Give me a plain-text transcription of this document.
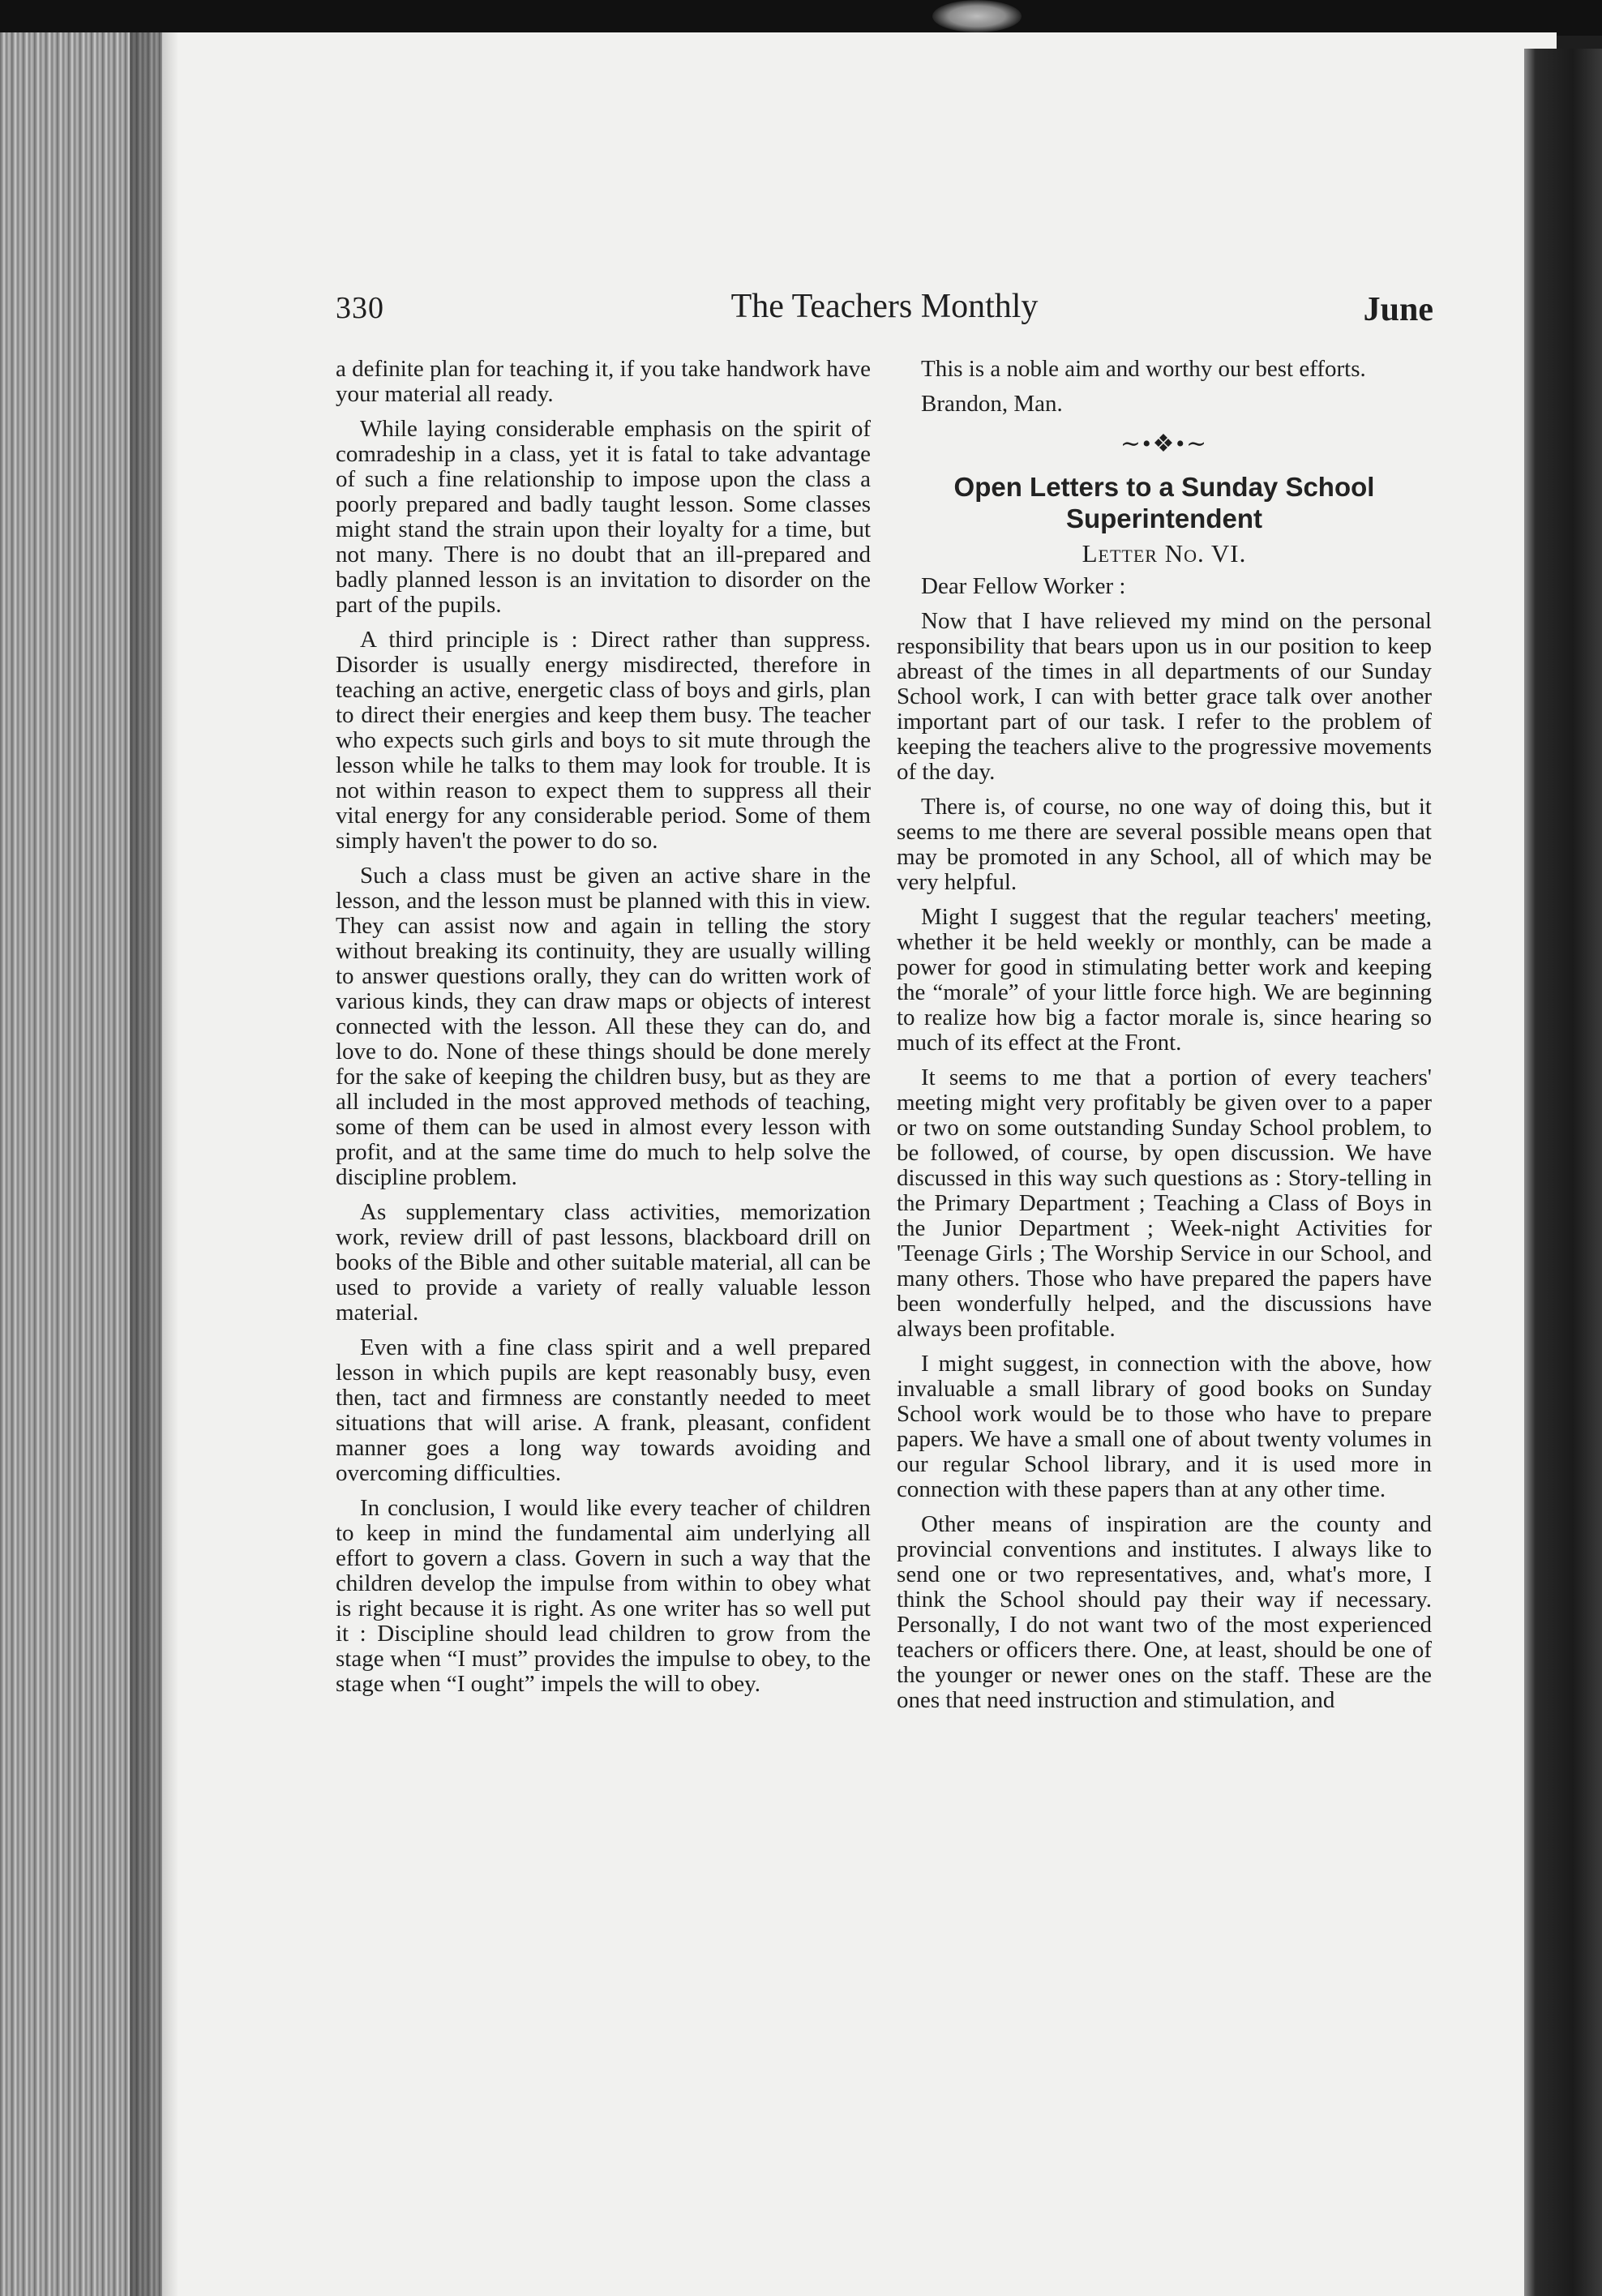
330	The Teachers Monthly	June

a definite plan for teaching it, if you take handwork have your material all ready.

While laying considerable emphasis on the spirit of comradeship in a class, yet it is fatal to take advantage of such a fine relationship to impose upon the class a poorly prepared and badly taught lesson. Some classes might stand the strain upon their loyalty for a time, but not many. There is no doubt that an ill-prepared and badly planned lesson is an invitation to disorder on the part of the pupils.

A third principle is : Direct rather than suppress. Disorder is usually energy misdirected, therefore in teaching an active, energetic class of boys and girls, plan to direct their energies and keep them busy. The teacher who expects such girls and boys to sit mute through the lesson while he talks to them may look for trouble. It is not within reason to expect them to suppress all their vital energy for any considerable period. Some of them simply haven't the power to do so.

Such a class must be given an active share in the lesson, and the lesson must be planned with this in view. They can assist now and again in telling the story without breaking its continuity, they are usually willing to answer questions orally, they can do written work of various kinds, they can draw maps or objects of interest connected with the lesson. All these they can do, and love to do. None of these things should be done merely for the sake of keeping the children busy, but as they are all included in the most approved methods of teaching, some of them can be used in almost every lesson with profit, and at the same time do much to help solve the discipline problem.

As supplementary class activities, memorization work, review drill of past lessons, blackboard drill on books of the Bible and other suitable material, all can be used to provide a variety of really valuable lesson material.

Even with a fine class spirit and a well prepared lesson in which pupils are kept reasonably busy, even then, tact and firmness are constantly needed to meet situations that will arise. A frank, pleasant, confident manner goes a long way towards avoiding and overcoming difficulties.

In conclusion, I would like every teacher of children to keep in mind the fundamental aim underlying all effort to govern a class. Govern in such a way that the children develop the impulse from within to obey what is right because it is right. As one writer has so well put it : Discipline should lead children to grow from the stage when “I must” provides the impulse to obey, to the stage when “I ought” impels the will to obey.

This is a noble aim and worthy our best efforts.

Brandon, Man.

∼•❖•∼
Open Letters to a Sunday School Superintendent
Letter No. VI.

Dear Fellow Worker :

Now that I have relieved my mind on the personal responsibility that bears upon us in our position to keep abreast of the times in all departments of our Sunday School work, I can with better grace talk over another important part of our task. I refer to the problem of keeping the teachers alive to the progressive movements of the day.

There is, of course, no one way of doing this, but it seems to me there are several possible means open that may be promoted in any School, all of which may be very helpful.

Might I suggest that the regular teachers' meeting, whether it be held weekly or monthly, can be made a power for good in stimulating better work and keeping the “morale” of your little force high. We are beginning to realize how big a factor morale is, since hearing so much of its effect at the Front.

It seems to me that a portion of every teachers' meeting might very profitably be given over to a paper or two on some outstanding Sunday School problem, to be followed, of course, by open discussion. We have discussed in this way such questions as : Story-telling in the Primary Department ; Teaching a Class of Boys in the Junior Department ; Week-night Activities for 'Teenage Girls ; The Worship Service in our School, and many others. Those who have prepared the papers have been wonderfully helped, and the discussions have always been profitable.

I might suggest, in connection with the above, how invaluable a small library of good books on Sunday School work would be to those who have to prepare papers. We have a small one of about twenty volumes in our regular School library, and it is used more in connection with these papers than at any other time.

Other means of inspiration are the county and provincial conventions and institutes. I always like to send one or two representatives, and, what's more, I think the School should pay their way if necessary. Personally, I do not want two of the most experienced teachers or officers there. One, at least, should be one of the younger or newer ones on the staff. These are the ones that need instruction and stimulation, and
